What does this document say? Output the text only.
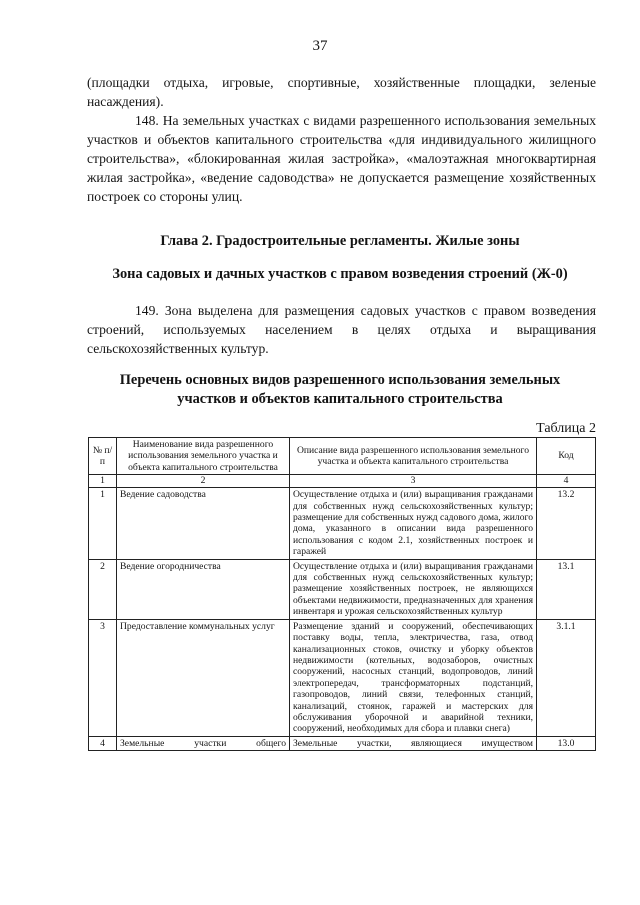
37

(площадки отдыха, игровые, спортивные, хозяйственные площадки, зеленые насаждения).

148. На земельных участках с видами разрешенного использования земельных участков и объектов капитального строительства «для индивидуального жилищного строительства», «блокированная жилая застройка», «малоэтажная многоквартирная жилая застройка», «ведение садоводства» не допускается размещение хозяйственных построек со стороны улиц.

Глава 2. Градостроительные регламенты. Жилые зоны

Зона садовых и дачных участков с правом возведения строений (Ж-0)

149. Зона выделена для размещения садовых участков с правом возведения строений, используемых населением в целях отдыха и выращивания сельскохозяйственных культур.

Перечень основных видов разрешенного использования земельных

участков и объектов капитального строительства

Таблица 2
№ п/п	Наименование вида разрешенного использования земельного участка и объекта капитального строительства	Описание вида разрешенного использования земельного участка и объекта капитального строительства	Код
1	2	3	4
1	Ведение садоводства	Осуществление отдыха и (или) выращивания гражданами для собственных нужд сельскохозяйственных культур; размещение для собственных нужд садового дома, жилого дома, указанного в описании вида разрешенного использования с кодом 2.1, хозяйственных построек и гаражей	13.2
2	Ведение огородничества	Осуществление отдыха и (или) выращивания гражданами для собственных нужд сельскохозяйственных культур; размещение хозяйственных построек, не являющихся объектами недвижимости, предназначенных для хранения инвентаря и урожая сельскохозяйственных культур	13.1
3	Предоставление коммунальных услуг	Размещение зданий и сооружений, обеспечивающих поставку воды, тепла, электричества, газа, отвод канализационных стоков, очистку и уборку объектов недвижимости (котельных, водозаборов, очистных сооружений, насосных станций, водопроводов, линий электропередач, трансформаторных подстанций, газопроводов, линий связи, телефонных станций, канализаций, стоянок, гаражей и мастерских для обслуживания уборочной и аварийной техники, сооружений, необходимых для сбора и плавки снега)	3.1.1
4	Земельные участки общего	Земельные участки, являющиеся имуществом	13.0
